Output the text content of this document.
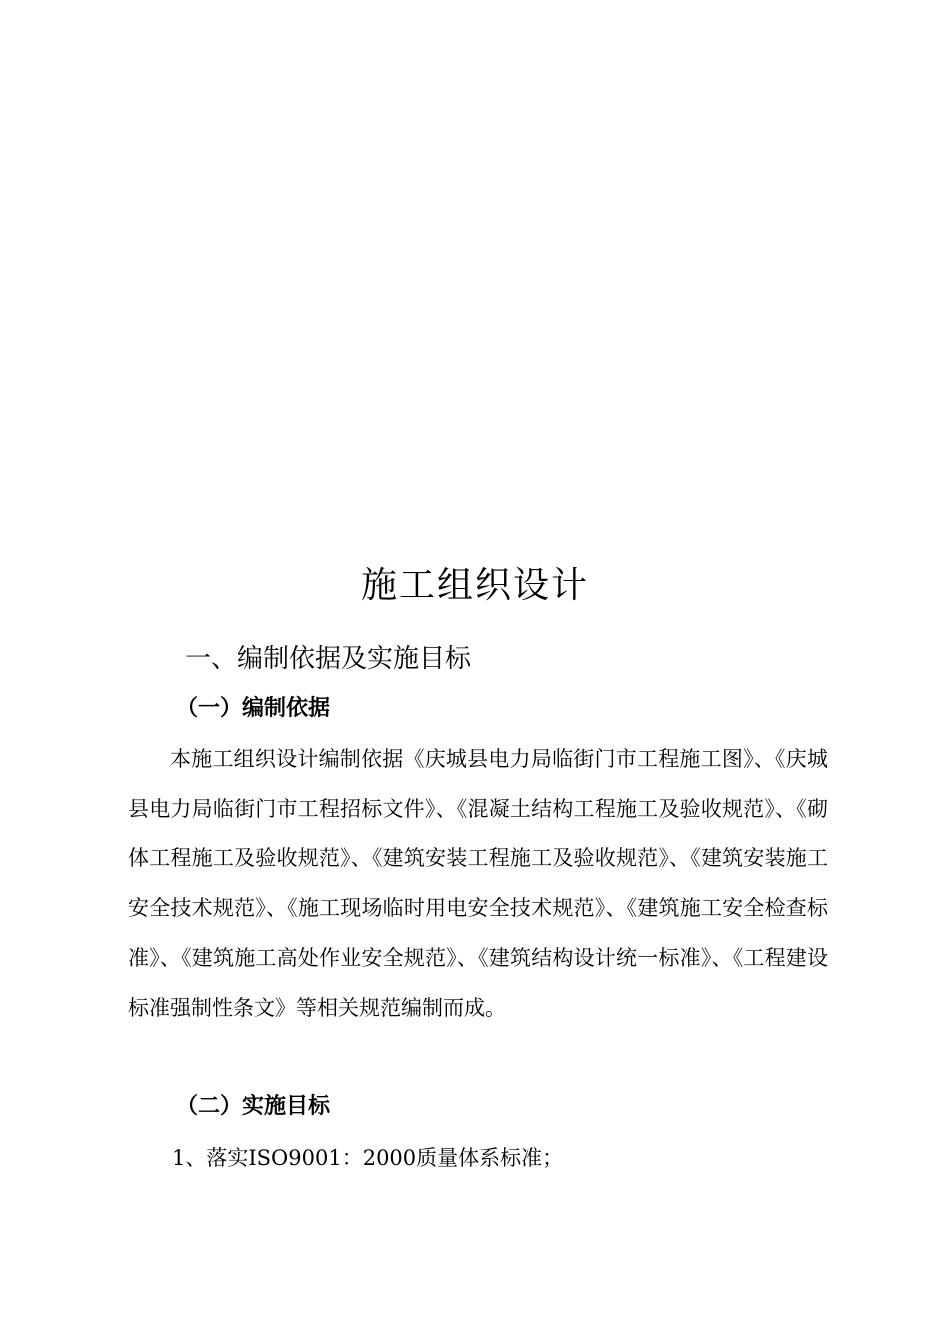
施工组织设计
一、编制依据及实施目标
（一）编制依据
本施工组织设计编制依据《庆城县电力局临街门市工程施工图》、《庆城县电力局临街门市工程招标文件》、《混凝土结构工程施工及验收规范》、《砌体工程施工及验收规范》、《建筑安装工程施工及验收规范》、《建筑安装施工安全技术规范》、《施工现场临时用电安全技术规范》、《建筑施工安全检查标准》、《建筑施工高处作业安全规范》、《建筑结构设计统一标准》、《工程建设标准强制性条文》等相关规范编制而成。
（二）实施目标
1、落实ISO9001：2000质量体系标准；
